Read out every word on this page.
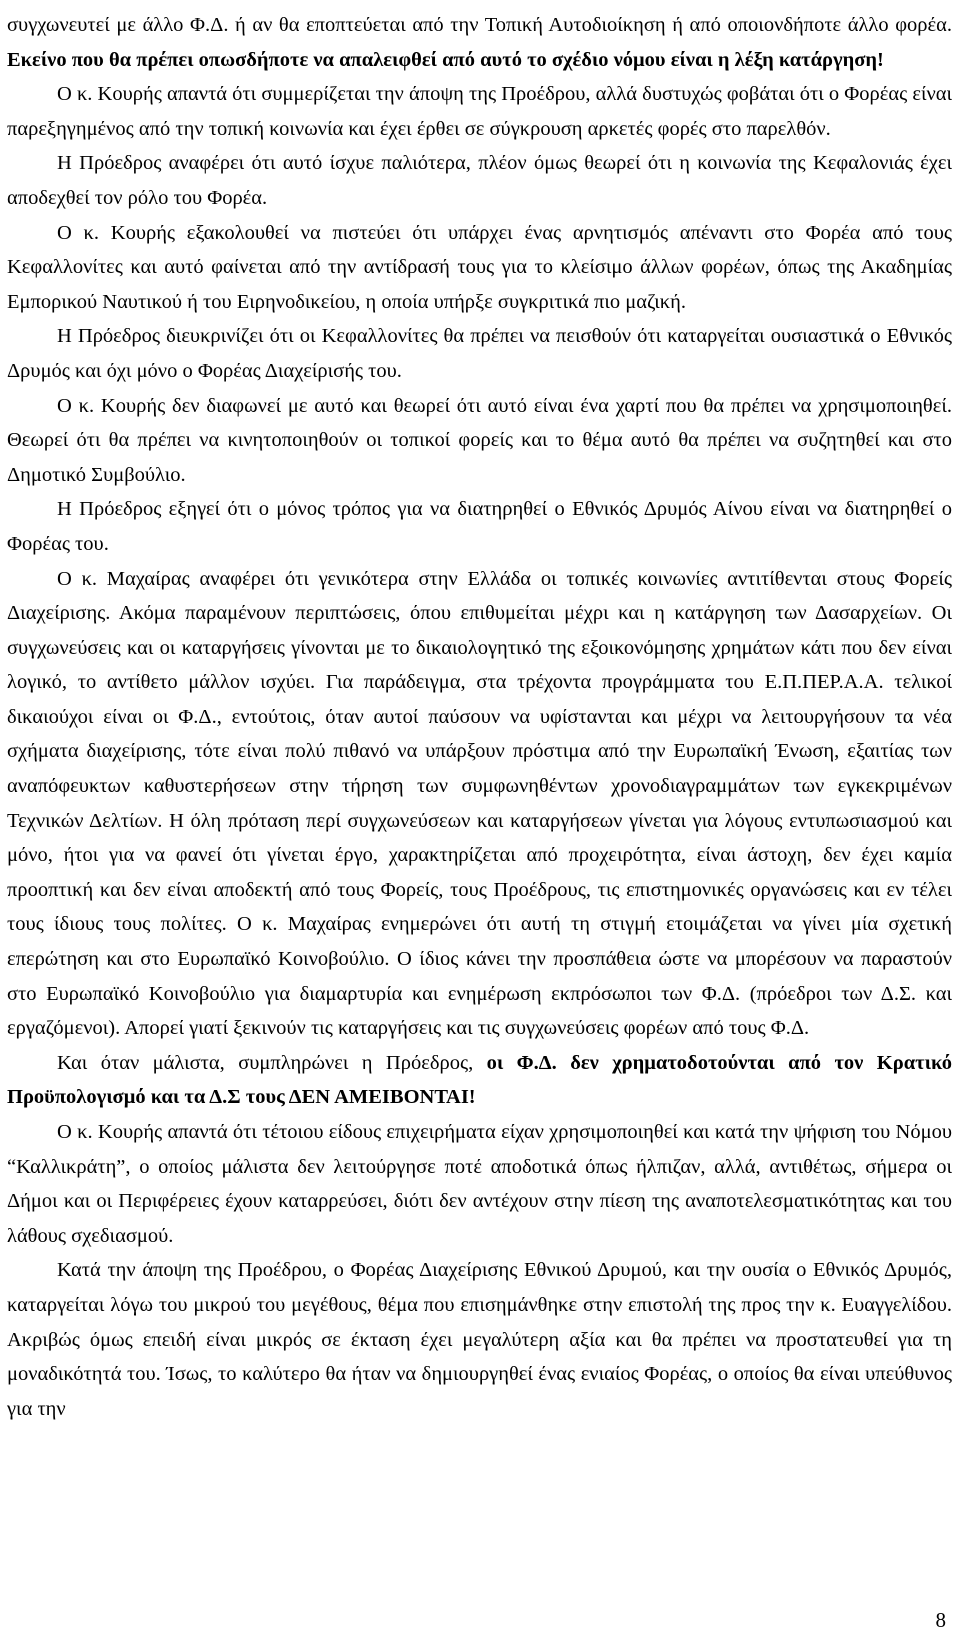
συγχωνευτεί με άλλο Φ.Δ. ή αν θα εποπτεύεται από την Τοπική Αυτοδιοίκηση ή από οποιονδήποτε άλλο φορέα. Εκείνο που θα πρέπει οπωσδήποτε να απαλειφθεί από αυτό το σχέδιο νόμου είναι η λέξη κατάργηση!

Ο κ. Κουρής απαντά ότι συμμερίζεται την άποψη της Προέδρου, αλλά δυστυχώς φοβάται ότι ο Φορέας είναι παρεξηγημένος από την τοπική κοινωνία και έχει έρθει σε σύγκρουση αρκετές φορές στο παρελθόν.

Η Πρόεδρος αναφέρει ότι αυτό ίσχυε παλιότερα, πλέον όμως θεωρεί ότι η κοινωνία της Κεφαλονιάς έχει αποδεχθεί τον ρόλο του Φορέα.

Ο κ. Κουρής εξακολουθεί να πιστεύει ότι υπάρχει ένας αρνητισμός απέναντι στο Φορέα από τους Κεφαλλονίτες και αυτό φαίνεται από την αντίδρασή τους για το κλείσιμο άλλων φορέων, όπως της Ακαδημίας Εμπορικού Ναυτικού ή του Ειρηνοδικείου, η οποία υπήρξε συγκριτικά πιο μαζική.

Η Πρόεδρος διευκρινίζει ότι οι Κεφαλλονίτες θα πρέπει να πεισθούν ότι καταργείται ουσιαστικά ο Εθνικός Δρυμός και όχι μόνο ο Φορέας Διαχείρισής του.

Ο κ. Κουρής δεν διαφωνεί με αυτό και θεωρεί ότι αυτό είναι ένα χαρτί που θα πρέπει να χρησιμοποιηθεί. Θεωρεί ότι θα πρέπει να κινητοποιηθούν οι τοπικοί φορείς και το θέμα αυτό θα πρέπει να συζητηθεί και στο Δημοτικό Συμβούλιο.

Η Πρόεδρος εξηγεί ότι ο μόνος τρόπος για να διατηρηθεί ο Εθνικός Δρυμός Αίνου είναι να διατηρηθεί ο Φορέας του.

Ο κ. Μαχαίρας αναφέρει ότι γενικότερα στην Ελλάδα οι τοπικές κοινωνίες αντιτίθενται στους Φορείς Διαχείρισης. Ακόμα παραμένουν περιπτώσεις, όπου επιθυμείται μέχρι και η κατάργηση των Δασαρχείων. Οι συγχωνεύσεις και οι καταργήσεις γίνονται με το δικαιολογητικό της εξοικονόμησης χρημάτων κάτι που δεν είναι λογικό, το αντίθετο μάλλον ισχύει. Για παράδειγμα, στα τρέχοντα προγράμματα του Ε.Π.ΠΕΡ.Α.Α. τελικοί δικαιούχοι είναι οι Φ.Δ., εντούτοις, όταν αυτοί παύσουν να υφίστανται και μέχρι να λειτουργήσουν τα νέα σχήματα διαχείρισης, τότε είναι πολύ πιθανό να υπάρξουν πρόστιμα από την Ευρωπαϊκή Ένωση, εξαιτίας των αναπόφευκτων καθυστερήσεων στην τήρηση των συμφωνηθέντων χρονοδιαγραμμάτων των εγκεκριμένων Τεχνικών Δελτίων. Η όλη πρόταση περί συγχωνεύσεων και καταργήσεων γίνεται για λόγους εντυπωσιασμού και μόνο, ήτοι για να φανεί ότι γίνεται έργο, χαρακτηρίζεται από προχειρότητα, είναι άστοχη, δεν έχει καμία προοπτική και δεν είναι αποδεκτή από τους Φορείς, τους Προέδρους, τις επιστημονικές οργανώσεις και εν τέλει τους ίδιους τους πολίτες. Ο κ. Μαχαίρας ενημερώνει ότι αυτή τη στιγμή ετοιμάζεται να γίνει μία σχετική επερώτηση και στο Ευρωπαϊκό Κοινοβούλιο. Ο ίδιος κάνει την προσπάθεια ώστε να μπορέσουν να παραστούν στο Ευρωπαϊκό Κοινοβούλιο για διαμαρτυρία και ενημέρωση εκπρόσωποι των Φ.Δ. (πρόεδροι των Δ.Σ. και εργαζόμενοι). Απορεί γιατί ξεκινούν τις καταργήσεις και τις συγχωνεύσεις φορέων από τους Φ.Δ.

Και όταν μάλιστα, συμπληρώνει η Πρόεδρος, οι Φ.Δ. δεν χρηματοδοτούνται από τον Κρατικό Προϋπολογισμό και τα Δ.Σ τους ΔΕΝ ΑΜΕΙΒΟΝΤΑΙ!

Ο κ. Κουρής απαντά ότι τέτοιου είδους επιχειρήματα είχαν χρησιμοποιηθεί και κατά την ψήφιση του Νόμου “Καλλικράτη”, ο οποίος μάλιστα δεν λειτούργησε ποτέ αποδοτικά όπως ήλπιζαν, αλλά, αντιθέτως, σήμερα οι Δήμοι και οι Περιφέρειες έχουν καταρρεύσει, διότι δεν αντέχουν στην πίεση της αναποτελεσματικότητας και του λάθους σχεδιασμού.

Κατά την άποψη της Προέδρου, ο Φορέας Διαχείρισης Εθνικού Δρυμού, και την ουσία ο Εθνικός Δρυμός, καταργείται λόγω του μικρού του μεγέθους, θέμα που επισημάνθηκε στην επιστολή της προς την κ. Ευαγγελίδου. Ακριβώς όμως επειδή είναι μικρός σε έκταση έχει μεγαλύτερη αξία και θα πρέπει να προστατευθεί για τη μοναδικότητά του. Ίσως, το καλύτερο θα ήταν να δημιουργηθεί ένας ενιαίος Φορέας, ο οποίος θα είναι υπεύθυνος για την

8
